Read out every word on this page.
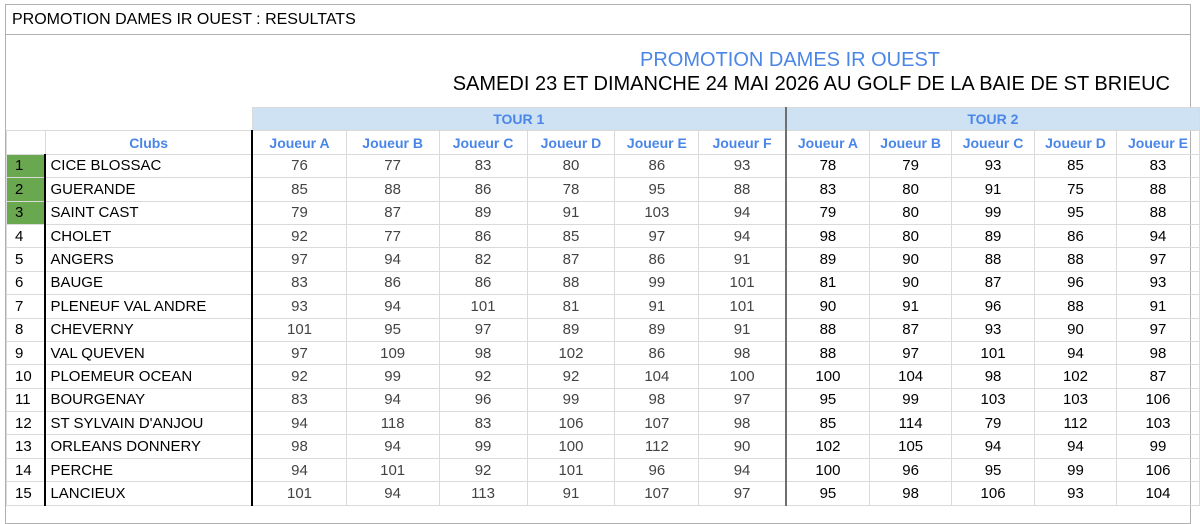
PROMOTION DAMES IR OUEST : RESULTATS
PROMOTION DAMES IR OUEST
SAMEDI 23 ET DIMANCHE 24 MAI 2026 AU GOLF DE LA BAIE DE ST BRIEUC
		TOUR 1						TOUR 2				
	Clubs	Joueur A	Joueur B	Joueur C	Joueur D	Joueur E	Joueur F	Joueur A	Joueur B	Joueur C	Joueur D	Joueur E
1	CICE BLOSSAC	76	77	83	80	86	93	78	79	93	85	83
2	GUERANDE	85	88	86	78	95	88	83	80	91	75	88
3	SAINT CAST	79	87	89	91	103	94	79	80	99	95	88
4	CHOLET	92	77	86	85	97	94	98	80	89	86	94
5	ANGERS	97	94	82	87	86	91	89	90	88	88	97
6	BAUGE	83	86	86	88	99	101	81	90	87	96	93
7	PLENEUF VAL ANDRE	93	94	101	81	91	101	90	91	96	88	91
8	CHEVERNY	101	95	97	89	89	91	88	87	93	90	97
9	VAL QUEVEN	97	109	98	102	86	98	88	97	101	94	98
10	PLOEMEUR OCEAN	92	99	92	92	104	100	100	104	98	102	87
11	BOURGENAY	83	94	96	99	98	97	95	99	103	103	106
12	ST SYLVAIN D'ANJOU	94	118	83	106	107	98	85	114	79	112	103
13	ORLEANS DONNERY	98	94	99	100	112	90	102	105	94	94	99
14	PERCHE	94	101	92	101	96	94	100	96	95	99	106
15	LANCIEUX	101	94	113	91	107	97	95	98	106	93	104
